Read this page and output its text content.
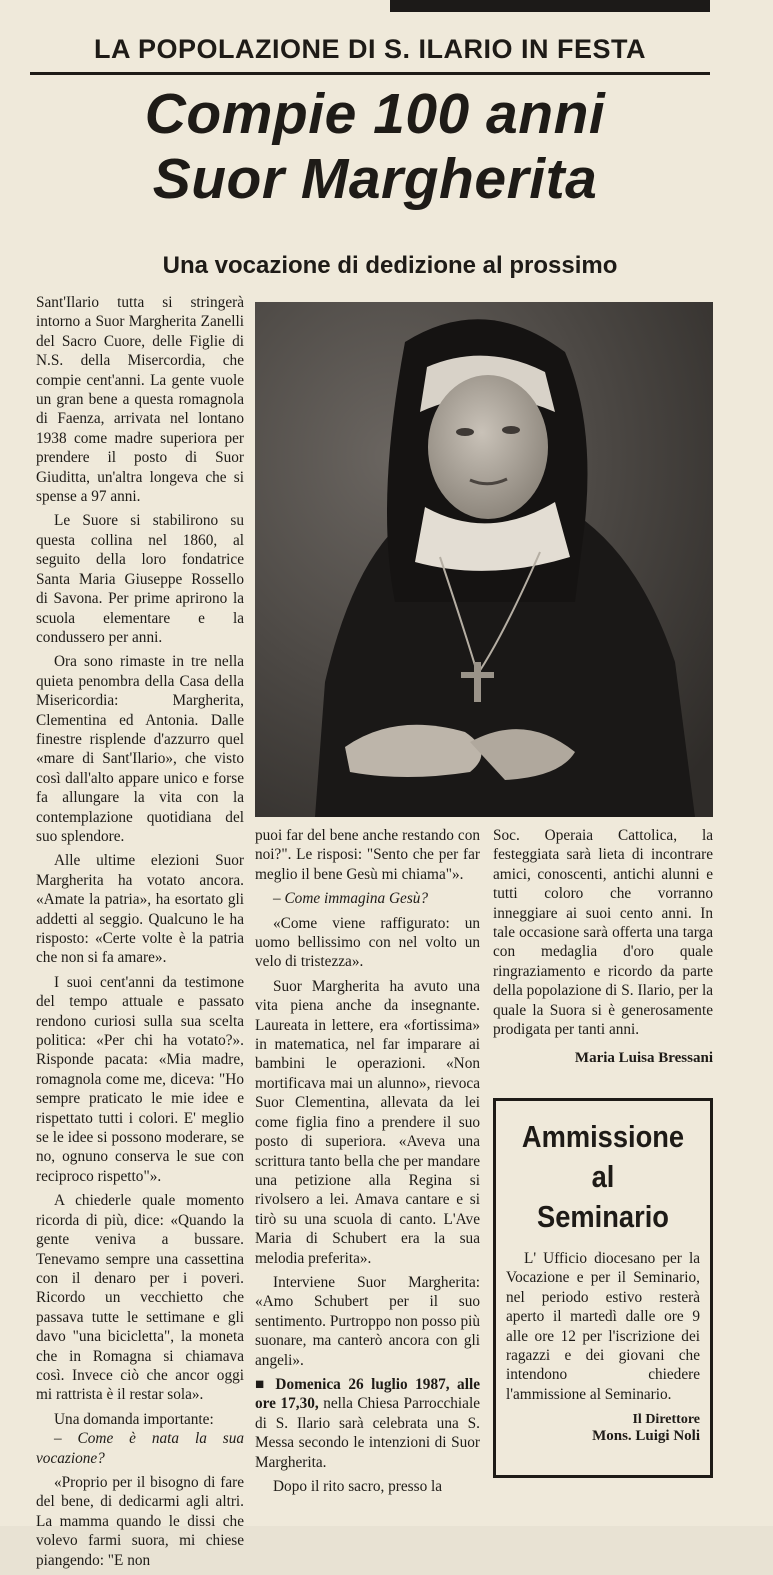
LA POPOLAZIONE DI S. ILARIO IN FESTA
Compie 100 anni
Suor Margherita
Una vocazione di dedizione al prossimo

Sant'Ilario tutta si stringerà intorno a Suor Margherita Zanelli del Sacro Cuore, delle Figlie di N.S. della Misercordia, che compie cent'anni. La gente vuole un gran bene a questa romagnola di Faenza, arrivata nel lontano 1938 come madre superiora per prendere il posto di Suor Giuditta, un'altra longeva che si spense a 97 anni.

Le Suore si stabilirono su questa collina nel 1860, al seguito della loro fondatrice Santa Maria Giuseppe Rossello di Savona. Per prime aprirono la scuola elementare e la condussero per anni.

Ora sono rimaste in tre nella quieta penombra della Casa della Misericordia: Margherita, Clementina ed Antonia. Dalle finestre risplende d'azzurro quel «mare di Sant'Ilario», che visto così dall'alto appare unico e forse fa allungare la vita con la contemplazione quotidiana del suo splendore.

Alle ultime elezioni Suor Margherita ha votato ancora. «Amate la patria», ha esortato gli addetti al seggio. Qualcuno le ha risposto: «Certe volte è la patria che non si fa amare».

I suoi cent'anni da testimone del tempo attuale e passato rendono curiosi sulla sua scelta politica: «Per chi ha votato?». Risponde pacata: «Mia madre, romagnola come me, diceva: "Ho sempre praticato le mie idee e rispettato tutti i colori. E' meglio se le idee si possono moderare, se no, ognuno conserva le sue con reciproco rispetto"».

A chiederle quale momento ricorda di più, dice: «Quando la gente veniva a bussare. Tenevamo sempre una cassettina con il denaro per i poveri. Ricordo un vecchietto che passava tutte le settimane e gli davo "una bicicletta", la moneta che in Romagna si chiamava così. Invece ciò che ancor oggi mi rattrista è il restar sola».

Una domanda importante:

– Come è nata la sua vocazione?

«Proprio per il bisogno di fare del bene, di dedicarmi agli altri. La mamma quando le dissi che volevo farmi suora, mi chiese piangendo: "E non

puoi far del bene anche restando con noi?". Le risposi: "Sento che per far meglio il bene Gesù mi chiama"».

– Come immagina Gesù?

«Come viene raffigurato: un uomo bellissimo con nel volto un velo di tristezza».

Suor Margherita ha avuto una vita piena anche da insegnante. Laureata in lettere, era «fortissima» in matematica, nel far imparare ai bambini le operazioni. «Non mortificava mai un alunno», rievoca Suor Clementina, allevata da lei come figlia fino a prendere il suo posto di superiora. «Aveva una scrittura tanto bella che per mandare una petizione alla Regina si rivolsero a lei. Amava cantare e si tirò su una scuola di canto. L'Ave Maria di Schubert era la sua melodia preferita».

Interviene Suor Margherita: «Amo Schubert per il suo sentimento. Purtroppo non posso più suonare, ma canterò ancora con gli angeli».

■ Domenica 26 luglio 1987, alle ore 17,30, nella Chiesa Parrocchiale di S. Ilario sarà celebrata una S. Messa secondo le intenzioni di Suor Margherita.

Dopo il rito sacro, presso la

Soc. Operaia Cattolica, la festeggiata sarà lieta di incontrare amici, conoscenti, antichi alunni e tutti coloro che vorranno inneggiare ai suoi cento anni. In tale occasione sarà offerta una targa con medaglia d'oro quale ringraziamento e ricordo da parte della popolazione di S. Ilario, per la quale la Suora si è generosamente prodigata per tanti anni.

Maria Luisa Bressani
Ammissione
al
Seminario

L' Ufficio diocesano per la Vocazione e per il Seminario, nel periodo estivo resterà aperto il martedì dalle ore 9 alle ore 12 per l'iscrizione dei ragazzi e dei giovani che intendono chiedere l'ammissione al Seminario.

Il Direttore
Mons. Luigi Noli
